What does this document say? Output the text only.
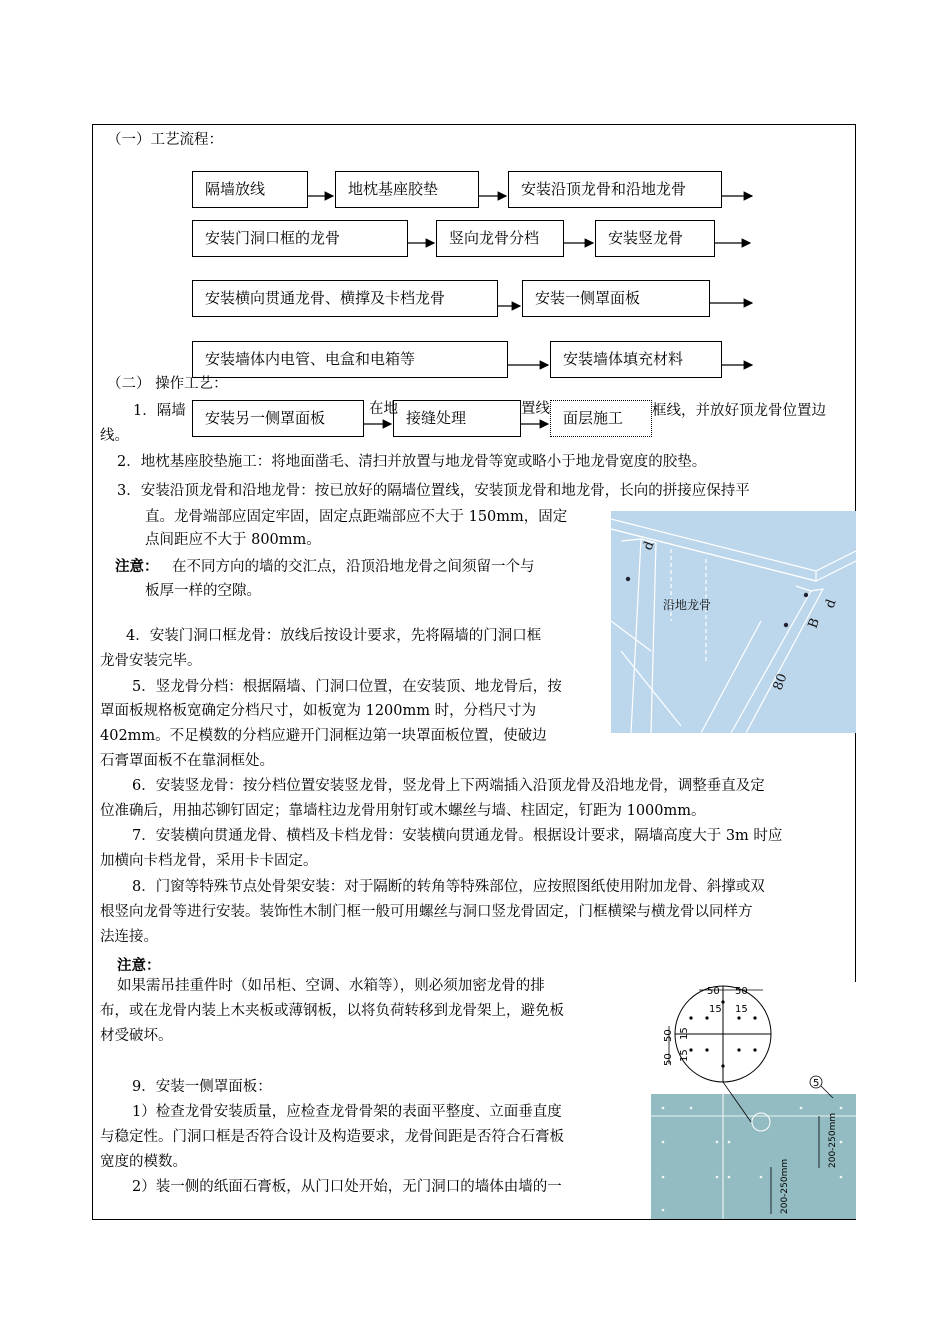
（一）工艺流程：
隔墙放线	地枕基座胶垫	安装沿顶龙骨和沿地龙骨
安装门洞口框的龙骨	竖向龙骨分档	安装竖龙骨
安装横向贯通龙骨、横撑及卡档龙骨	安装一侧罩面板
安装墙体内电管、电盒和电箱等	安装墙体填充材料
安装另一侧罩面板	接缝处理	面层施工
（二） 操作工艺：
1．隔墙	在地	置线	框线，并放好顶龙骨位置边
线。
2．地枕基座胶垫施工：将地面凿毛、清扫并放置与地龙骨等宽或略小于地龙骨宽度的胶垫。
3．安装沿顶龙骨和沿地龙骨：按已放好的隔墙位置线，安装顶龙骨和地龙骨，长向的拼接应保持平
直。龙骨端部应固定牢固，固定点距端部应不大于 150mm，固定
点间距应不大于 800mm。
注意： 在不同方向的墙的交汇点，沿顶沿地龙骨之间须留一个与
板厚一样的空隙。
4．安装门洞口框龙骨：放线后按设计要求，先将隔墙的门洞口框
龙骨安装完毕。
5．竖龙骨分档：根据隔墙、门洞口位置，在安装顶、地龙骨后，按
罩面板规格板宽确定分档尺寸，如板宽为 1200mm 时，分档尺寸为
402mm。不足模数的分档应避开门洞框边第一块罩面板位置，使破边
石膏罩面板不在靠洞框处。
6．安装竖龙骨：按分档位置安装竖龙骨，竖龙骨上下两端插入沿顶龙骨及沿地龙骨，调整垂直及定
位准确后，用抽芯铆钉固定；靠墙柱边龙骨用射钉或木螺丝与墙、柱固定，钉距为 1000mm。
7．安装横向贯通龙骨、横档及卡档龙骨：安装横向贯通龙骨。根据设计要求，隔墙高度大于 3m 时应
加横向卡档龙骨，采用卡卡固定。
8．门窗等特殊节点处骨架安装：对于隔断的转角等特殊部位，应按照图纸使用附加龙骨、斜撑或双
根竖向龙骨等进行安装。装饰性木制门框一般可用螺丝与洞口竖龙骨固定，门框横梁与横龙骨以同样方
法连接。
注意：
如果需吊挂重件时（如吊柜、空调、水箱等），则必须加密龙骨的排
布，或在龙骨内装上木夹板或薄钢板，以将负荷转移到龙骨架上，避免板
材受破坏。
9．安装一侧罩面板：
1）检查龙骨安装质量，应检查龙骨骨架的表面平整度、立面垂直度
与稳定性。门洞口框是否符合设计及构造要求，龙骨间距是否符合石膏板
宽度的模数。
2）装一侧的纸面石膏板，从门口处开始，无门洞口的墙体由墙的一
沿地龙骨
d
d
B
80
50 50
15 15
50
50
15
15
5
200-250mm
200-250mm
